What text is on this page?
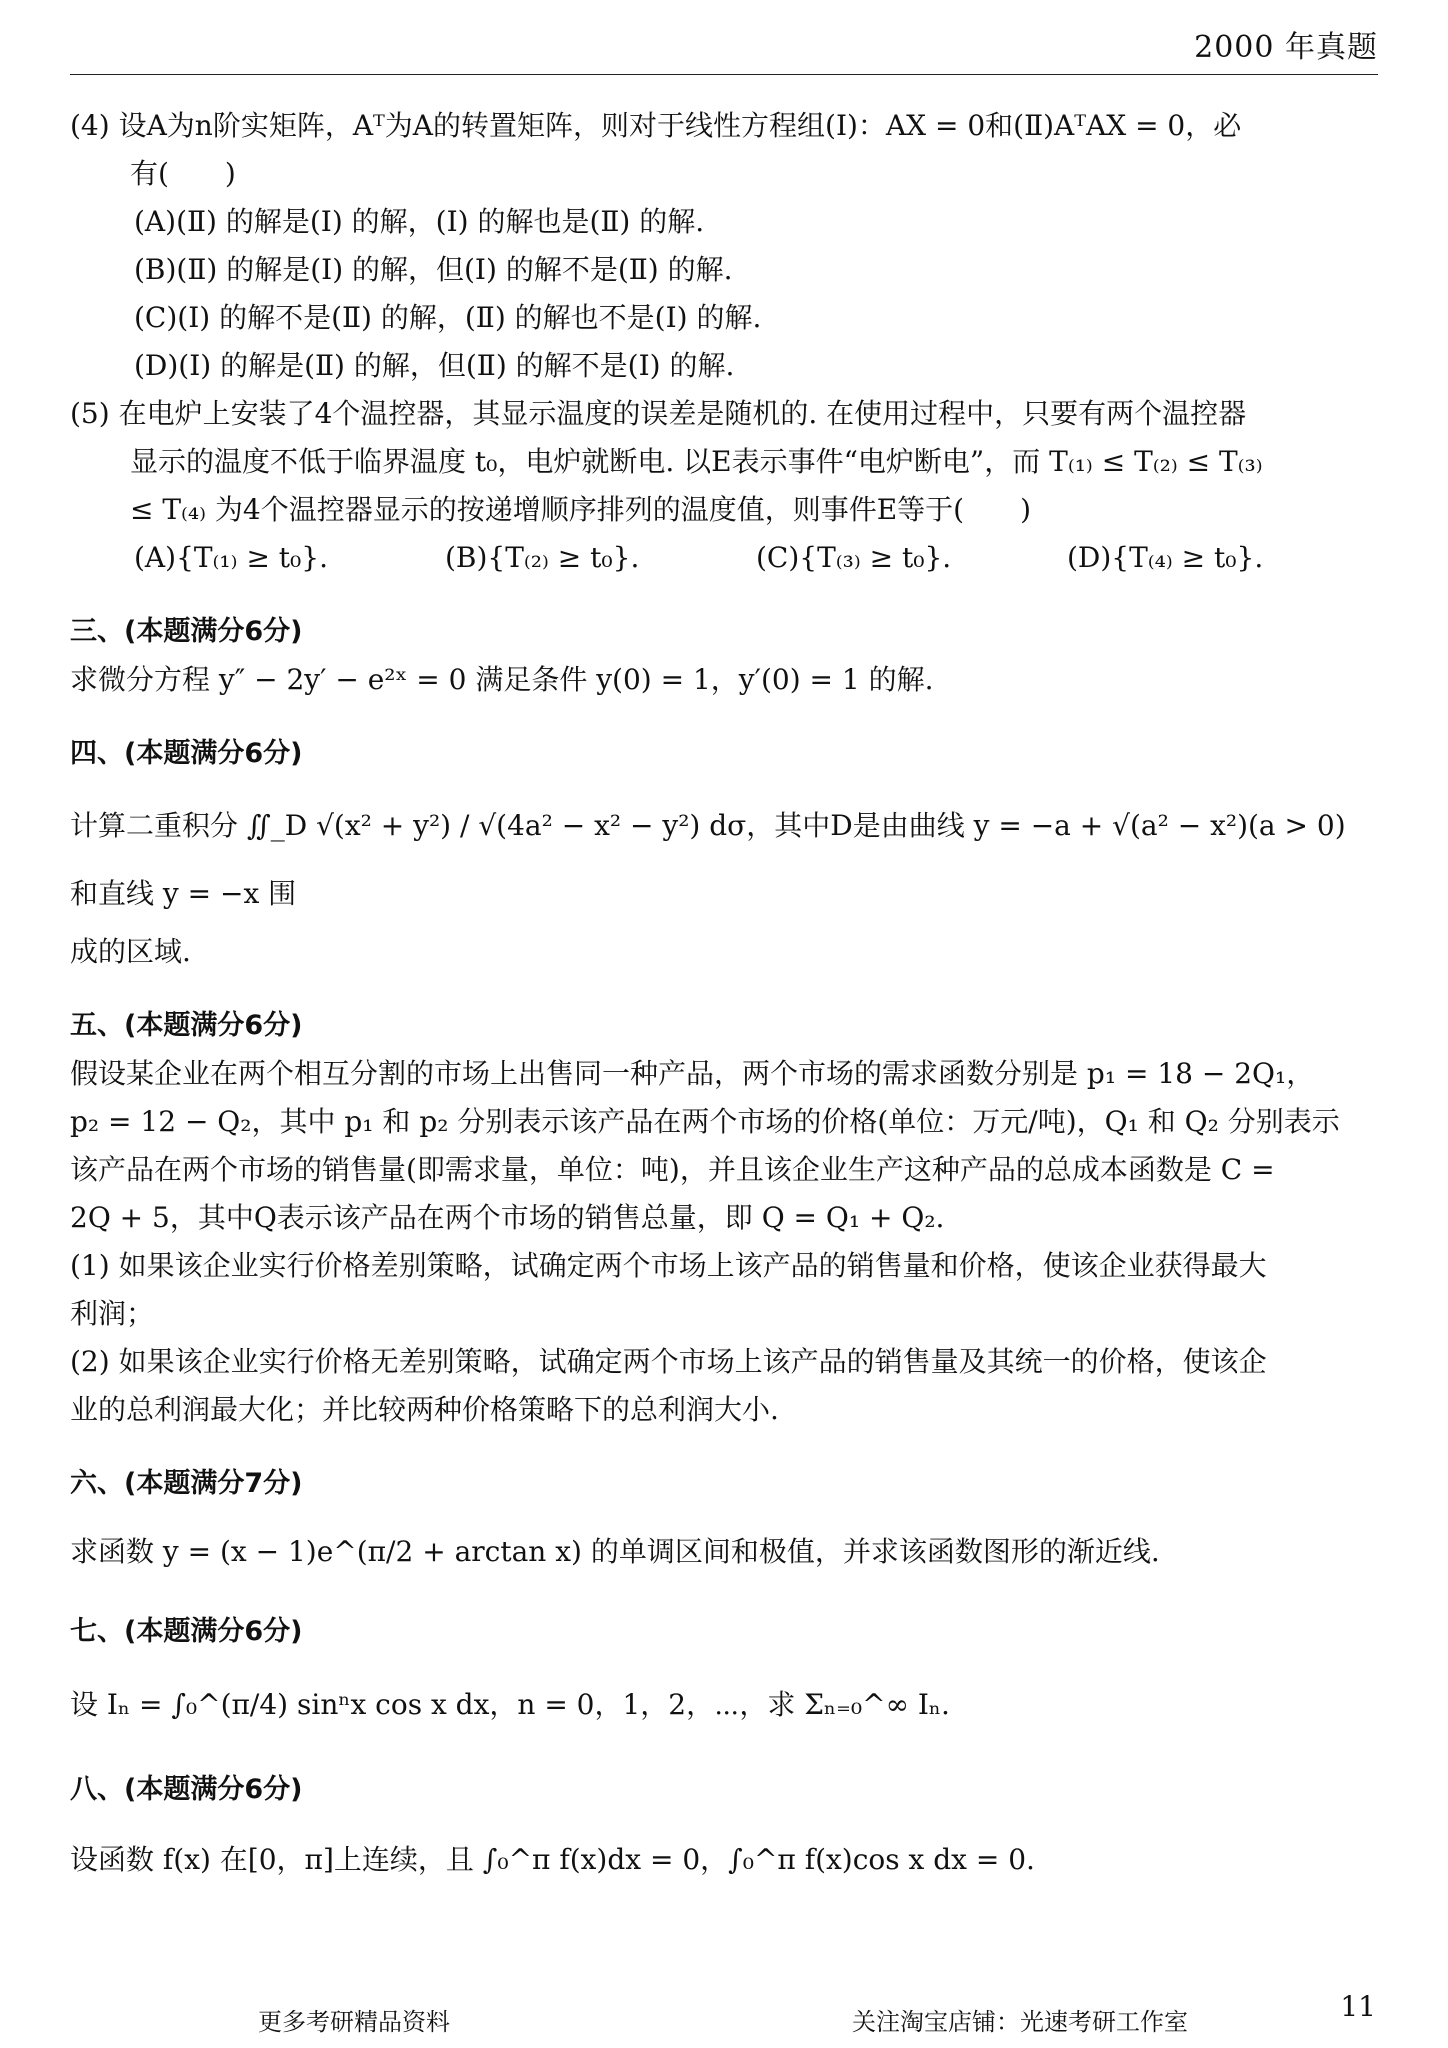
2000 年真题

(4) 设A为n阶实矩阵，Aᵀ为A的转置矩阵，则对于线性方程组(Ⅰ)：AX = 0和(Ⅱ)AᵀAX = 0，必

有(　　)

(A)(Ⅱ) 的解是(Ⅰ) 的解，(Ⅰ) 的解也是(Ⅱ) 的解.

(B)(Ⅱ) 的解是(Ⅰ) 的解，但(Ⅰ) 的解不是(Ⅱ) 的解.

(C)(Ⅰ) 的解不是(Ⅱ) 的解，(Ⅱ) 的解也不是(Ⅰ) 的解.

(D)(Ⅰ) 的解是(Ⅱ) 的解，但(Ⅱ) 的解不是(Ⅰ) 的解.

(5) 在电炉上安装了4个温控器，其显示温度的误差是随机的. 在使用过程中，只要有两个温控器

显示的温度不低于临界温度 t₀，电炉就断电. 以E表示事件“电炉断电”，而 T₍₁₎ ≤ T₍₂₎ ≤ T₍₃₎

≤ T₍₄₎ 为4个温控器显示的按递增顺序排列的温度值，则事件E等于(　　)

(A){T₍₁₎ ≥ t₀}.	(B){T₍₂₎ ≥ t₀}.	(C){T₍₃₎ ≥ t₀}.	(D){T₍₄₎ ≥ t₀}.

三、(本题满分6分)

求微分方程 y″ − 2y′ − e²ˣ = 0 满足条件 y(0) = 1，y′(0) = 1 的解.

四、(本题满分6分)

计算二重积分 ∬_D √(x² + y²) / √(4a² − x² − y²) dσ，其中D是由曲线 y = −a + √(a² − x²)(a > 0) 和直线 y = −x 围

成的区域.

五、(本题满分6分)

假设某企业在两个相互分割的市场上出售同一种产品，两个市场的需求函数分别是 p₁ = 18 − 2Q₁，

p₂ = 12 − Q₂，其中 p₁ 和 p₂ 分别表示该产品在两个市场的价格(单位：万元/吨)，Q₁ 和 Q₂ 分别表示

该产品在两个市场的销售量(即需求量，单位：吨)，并且该企业生产这种产品的总成本函数是 C =

2Q + 5，其中Q表示该产品在两个市场的销售总量，即 Q = Q₁ + Q₂.

(1) 如果该企业实行价格差别策略，试确定两个市场上该产品的销售量和价格，使该企业获得最大

利润；

(2) 如果该企业实行价格无差别策略，试确定两个市场上该产品的销售量及其统一的价格，使该企

业的总利润最大化；并比较两种价格策略下的总利润大小.

六、(本题满分7分)

求函数 y = (x − 1)e^(π/2 + arctan x) 的单调区间和极值，并求该函数图形的渐近线.

七、(本题满分6分)

设 Iₙ = ∫₀^(π/4) sinⁿx cos x dx，n = 0，1，2，⋯，求 Σₙ₌₀^∞ Iₙ.

八、(本题满分6分)

设函数 f(x) 在[0，π]上连续，且 ∫₀^π f(x)dx = 0，∫₀^π f(x)cos x dx = 0.

更多考研精品资料	关注淘宝店铺：光速考研工作室	11
